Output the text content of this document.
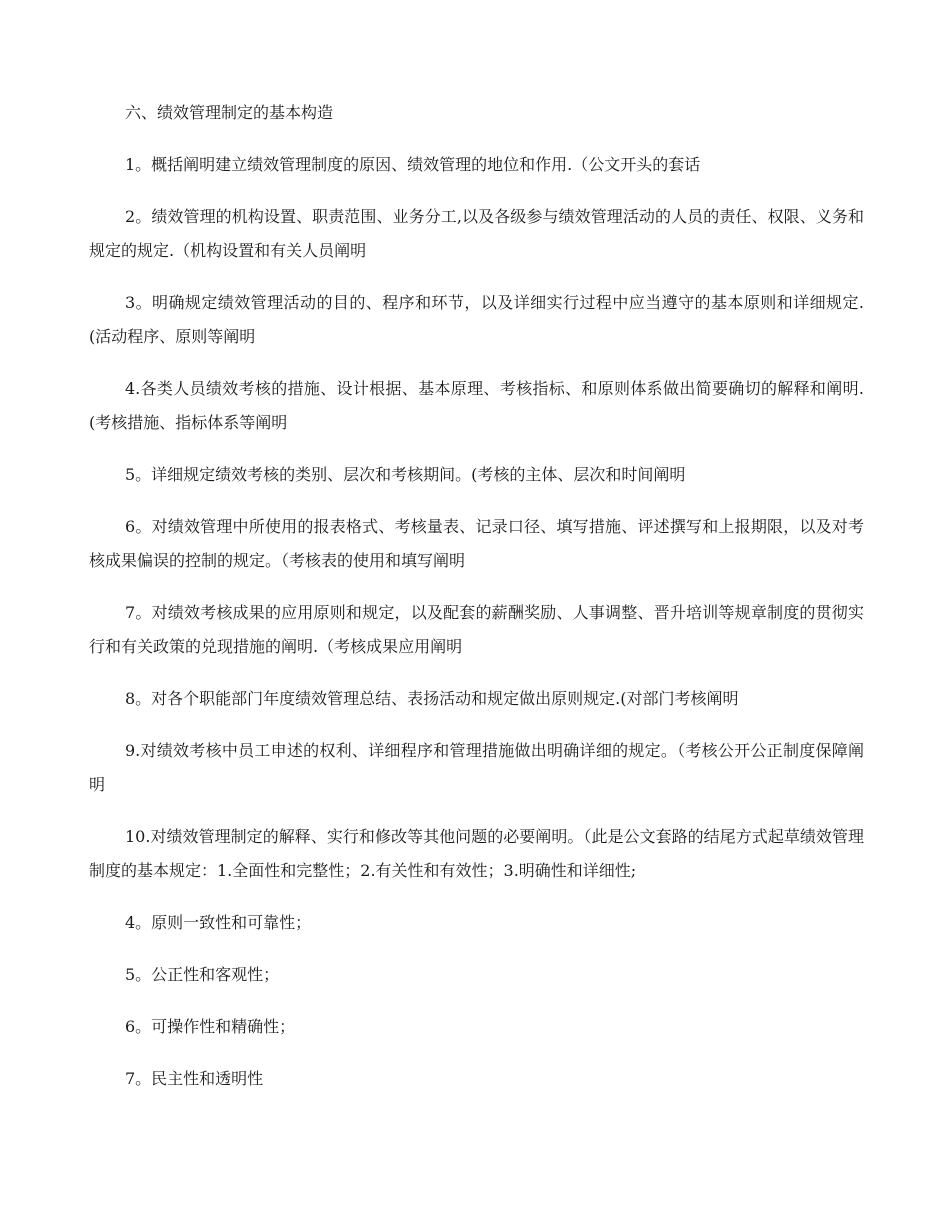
六、绩效管理制定的基本构造

1。概括阐明建立绩效管理制度的原因、绩效管理的地位和作用.（公文开头的套话

2。绩效管理的机构设置、职责范围、业务分工,以及各级参与绩效管理活动的人员的责任、权限、义务和规定的规定.（机构设置和有关人员阐明

3。明确规定绩效管理活动的目的、程序和环节，以及详细实行过程中应当遵守的基本原则和详细规定.(活动程序、原则等阐明

4.各类人员绩效考核的措施、设计根据、基本原理、考核指标、和原则体系做出简要确切的解释和阐明.(考核措施、指标体系等阐明

5。详细规定绩效考核的类别、层次和考核期间。(考核的主体、层次和时间阐明

6。对绩效管理中所使用的报表格式、考核量表、记录口径、填写措施、评述撰写和上报期限，以及对考核成果偏误的控制的规定。（考核表的使用和填写阐明

7。对绩效考核成果的应用原则和规定，以及配套的薪酬奖励、人事调整、晋升培训等规章制度的贯彻实行和有关政策的兑现措施的阐明.（考核成果应用阐明

8。对各个职能部门年度绩效管理总结、表扬活动和规定做出原则规定.(对部门考核阐明

9.对绩效考核中员工申述的权利、详细程序和管理措施做出明确详细的规定。（考核公开公正制度保障阐明

10.对绩效管理制定的解释、实行和修改等其他问题的必要阐明。（此是公文套路的结尾方式起草绩效管理制度的基本规定：1.全面性和完整性；2.有关性和有效性；3.明确性和详细性;

4。原则一致性和可靠性；

5。公正性和客观性；

6。可操作性和精确性；

7。民主性和透明性
